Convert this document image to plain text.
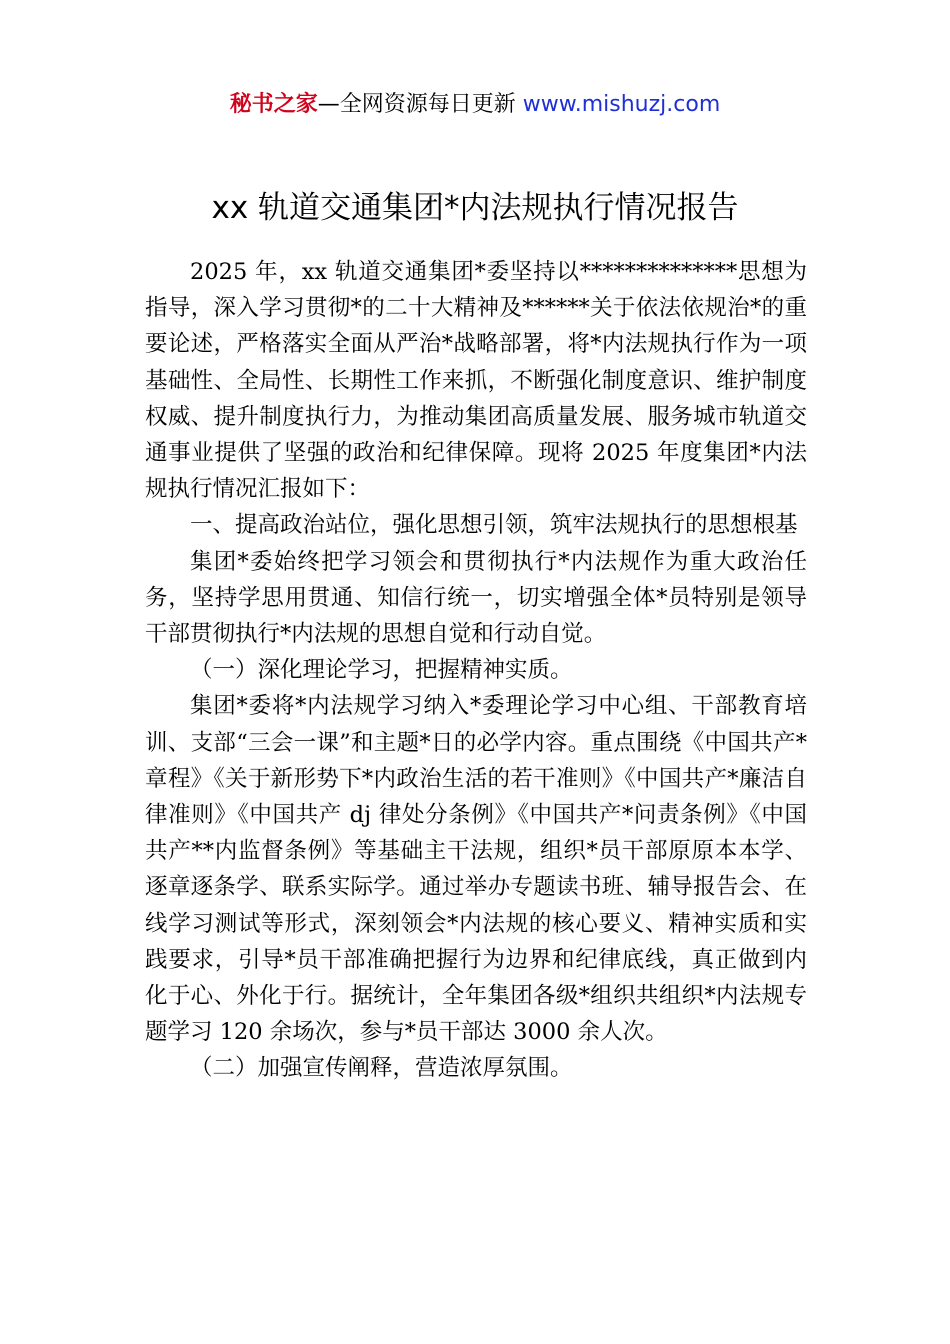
秘书之家—全网资源每日更新 www.mishuzj.com
xx 轨道交通集团*内法规执行情况报告

2025 年，xx 轨道交通集团*委坚持以**************思想为指导，深入学习贯彻*的二十大精神及******关于依法依规治*的重要论述，严格落实全面从严治*战略部署，将*内法规执行作为一项基础性、全局性、长期性工作来抓，不断强化制度意识、维护制度权威、提升制度执行力，为推动集团高质量发展、服务城市轨道交通事业提供了坚强的政治和纪律保障。现将 2025 年度集团*内法规执行情况汇报如下：

一、提高政治站位，强化思想引领，筑牢法规执行的思想根基

集团*委始终把学习领会和贯彻执行*内法规作为重大政治任务，坚持学思用贯通、知信行统一，切实增强全体*员特别是领导干部贯彻执行*内法规的思想自觉和行动自觉。

（一）深化理论学习，把握精神实质。

集团*委将*内法规学习纳入*委理论学习中心组、干部教育培训、支部“三会一课”和主题*日的必学内容。重点围绕《中国共产*章程》《关于新形势下*内政治生活的若干准则》《中国共产*廉洁自律准则》《中国共产 dj 律处分条例》《中国共产*问责条例》《中国共产**内监督条例》等基础主干法规，组织*员干部原原本本学、逐章逐条学、联系实际学。通过举办专题读书班、辅导报告会、在线学习测试等形式，深刻领会*内法规的核心要义、精神实质和实践要求，引导*员干部准确把握行为边界和纪律底线，真正做到内化于心、外化于行。据统计，全年集团各级*组织共组织*内法规专题学习 120 余场次，参与*员干部达 3000 余人次。

（二）加强宣传阐释，营造浓厚氛围。
